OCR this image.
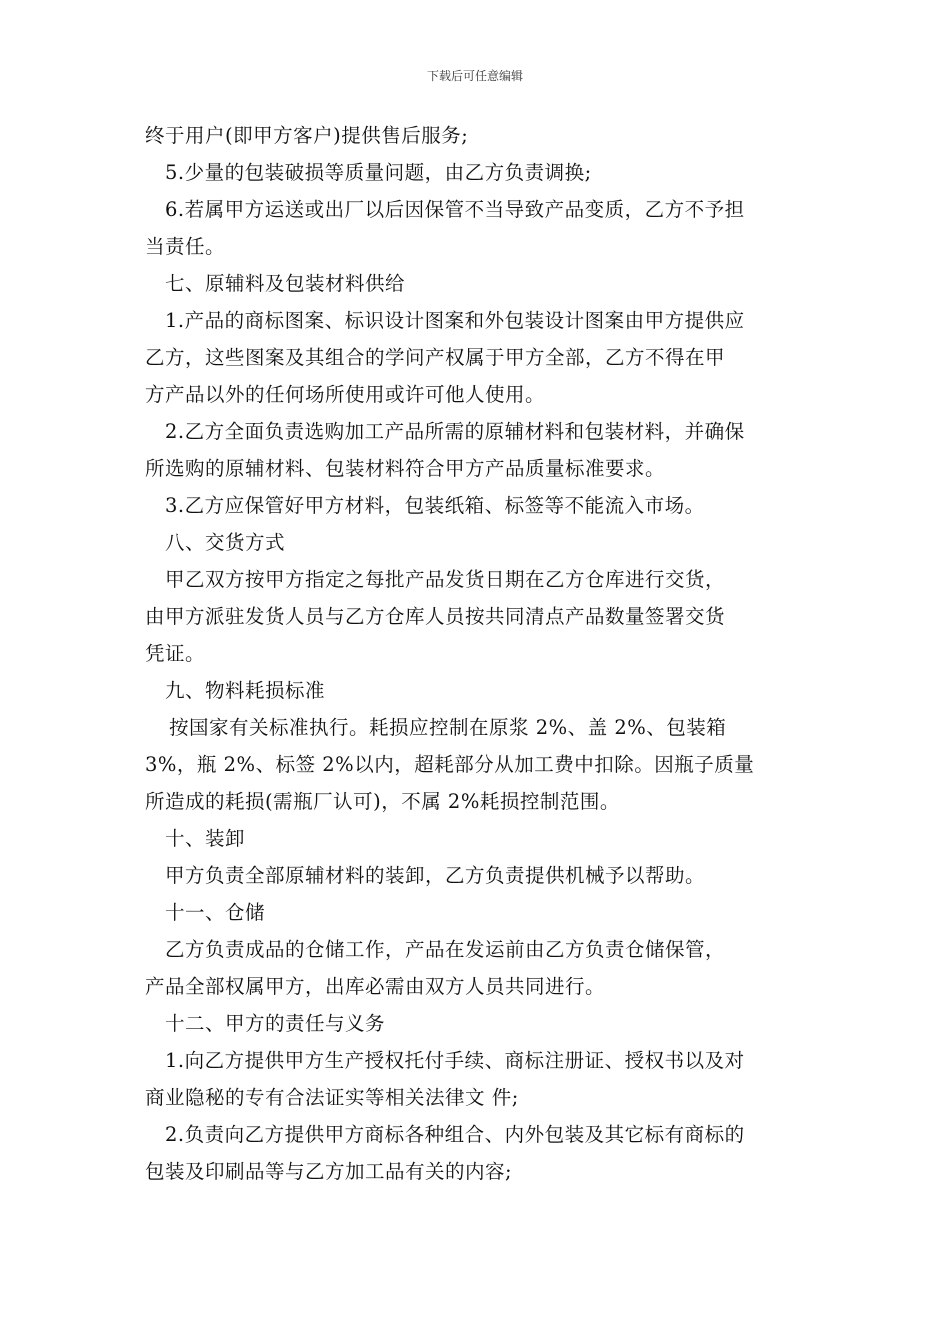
下载后可任意编辑
终于用户(即甲方客户)提供售后服务;
5.少量的包装破损等质量问题，由乙方负责调换;
6.若属甲方运送或出厂以后因保管不当导致产品变质，乙方不予担
当责任。
七、原辅料及包装材料供给
1.产品的商标图案、标识设计图案和外包装设计图案由甲方提供应
乙方，这些图案及其组合的学问产权属于甲方全部，乙方不得在甲
方产品以外的任何场所使用或许可他人使用。
2.乙方全面负责选购加工产品所需的原辅材料和包装材料，并确保
所选购的原辅材料、包装材料符合甲方产品质量标准要求。
3.乙方应保管好甲方材料，包装纸箱、标签等不能流入市场。
八、交货方式
甲乙双方按甲方指定之每批产品发货日期在乙方仓库进行交货，
由甲方派驻发货人员与乙方仓库人员按共同清点产品数量签署交货
凭证。
九、物料耗损标准
按国家有关标准执行。耗损应控制在原浆 2%、盖 2%、包装箱
3%，瓶 2%、标签 2%以内，超耗部分从加工费中扣除。因瓶子质量
所造成的耗损(需瓶厂认可)，不属 2%耗损控制范围。
十、装卸
甲方负责全部原辅材料的装卸，乙方负责提供机械予以帮助。
十一、仓储
乙方负责成品的仓储工作，产品在发运前由乙方负责仓储保管，
产品全部权属甲方，出库必需由双方人员共同进行。
十二、甲方的责任与义务
1.向乙方提供甲方生产授权托付手续、商标注册证、授权书以及对
商业隐秘的专有合法证实等相关法律文 件;
2.负责向乙方提供甲方商标各种组合、内外包装及其它标有商标的
包装及印刷品等与乙方加工品有关的内容;
